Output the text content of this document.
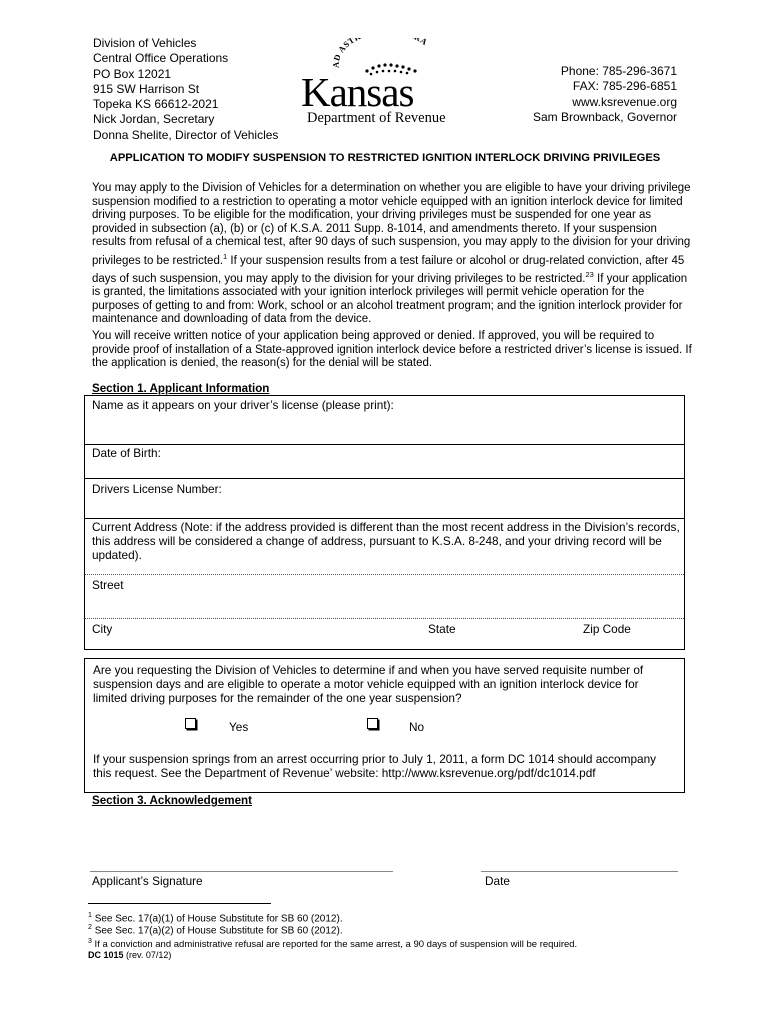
Division of Vehicles
Central Office Operations
PO Box 12021
915 SW Harrison St
Topeka KS 66612-2021
Nick Jordan, Secretary
Donna Shelite, Director of Vehicles
AD AST A
Kansas
Department of Revenue
Phone: 785-296-3671
FAX: 785-296-6851
www.ksrevenue.org
Sam Brownback, Governor
APPLICATION TO MODIFY SUSPENSION TO RESTRICTED IGNITION INTERLOCK DRIVING PRIVILEGES
You may apply to the Division of Vehicles for a determination on whether you are eligible to have your driving privilege suspension modified to a restriction to operating a motor vehicle equipped with an ignition interlock device for limited driving purposes. To be eligible for the modification, your driving privileges must be suspended for one year as provided in subsection (a), (b) or (c) of K.S.A. 2011 Supp. 8-1014, and amendments thereto. If your suspension results from refusal of a chemical test, after 90 days of such suspension, you may apply to the division for your driving privileges to be restricted.$^1$ If your suspension results from a test failure or alcohol or drug-related conviction, after 45 days of such suspension, you may apply to the division for your driving privileges to be restricted.$^{23}$ If your application is granted, the limitations associated with your ignition interlock privileges will permit vehicle operation for the purposes of getting to and from: Work, school or an alcohol treatment program; and the ignition interlock provider for maintenance and downloading of data from the device.
You will receive written notice of your application being approved or denied. If approved, you will be required to provide proof of installation of a State-approved ignition interlock device before a restricted driver’s license is issued. If the application is denied, the reason(s) for the denial will be stated.
Section 1. Applicant Information
Name as it appears on your driver’s license (please print):
Date of Birth:
Drivers License Number:
Current Address (Note: if the address provided is different than the most recent address in the Division’s records, this address will be considered a change of address, pursuant to K.S.A. 8-248, and your driving record will be updated).
Street
City	State	Zip Code
Are you requesting the Division of Vehicles to determine if and when you have served requisite number of suspension days and are eligible to operate a motor vehicle equipped with an ignition interlock device for limited driving purposes for the remainder of the one year suspension?
Yes	No
If your suspension springs from an arrest occurring prior to July 1, 2011, a form DC 1014 should accompany this request. See the Department of Revenue’ website: http://www.ksrevenue.org/pdf/dc1014.pdf
Section 3. Acknowledgement
Applicant’s Signature	Date
$^1$ See Sec. 17(a)(1) of House Substitute for SB 60 (2012).
$^2$ See Sec. 17(a)(2) of House Substitute for SB 60 (2012).
$^3$ If a conviction and administrative refusal are reported for the same arrest, a 90 days of suspension will be required.
DC 1015 (rev. 07/12)
